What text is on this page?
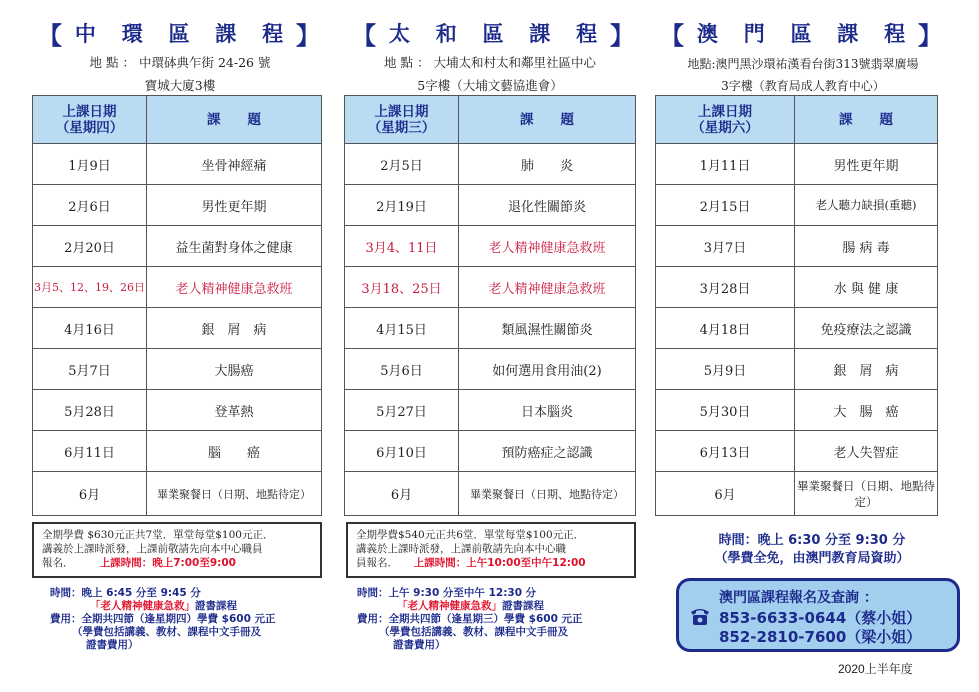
【 中 環 區 課 程 】
地 點 ： 中環砵典乍街 24-26 號
寶城大廈3樓
上課日期
（星期四）	課　　題
1月9日	坐骨神經痛
2月6日	男性更年期
2月20日	益生菌對身体之健康
3月5、12、19、26日	老人精神健康急救班
4月16日	銀　屑　病
5月7日	大腸癌
5月28日	登革熱
6月11日	腦　　癌
6月	畢業聚餐日（日期、地點待定）
全期學費 $630元正共7堂．單堂每堂$100元正．
講義於上課時派發，上課前敬請先向本中心職員
報名．　　　	上課時間：晚上7:00至9:00
時間：晚上 6:45 分至 9:45 分
「老人精神健康急救」證書課程
費用：全期共四節（逢星期四）學費 $600 元正
（學費包括講義、教材、課程中文手冊及
證書費用）
【 太 和 區 課 程 】
地 點 ： 大埔太和村太和鄰里社區中心
5字樓（大埔文藝協進會）
上課日期
（星期三）	課　　題
2月5日	肺　　炎
2月19日	退化性關節炎
3月4、11日	老人精神健康急救班
3月18、25日	老人精神健康急救班
4月15日	類風濕性關節炎
5月6日	如何選用食用油(2)
5月27日	日本腦炎
6月10日	預防癌症之認識
6月	畢業聚餐日（日期、地點待定）
全期學費$540元正共6堂．單堂每堂$100元正．
講義於上課時派發，上課前敬請先向本中心職
員報名．　　 上課時間：上午10:00至中午12:00
時間：上午 9:30 分至中午 12:30 分
「老人精神健康急救」證書課程
費用：全期共四節（逢星期三）學費 $600 元正
（學費包括講義、教材、課程中文手冊及
證書費用）
【 澳 門 區 課 程 】
地點:澳門黑沙環祐漢看台街313號翡翠廣場
3字樓（教育局成人教育中心）
上課日期
（星期六）	課　　題
1月11日	男性更年期
2月15日	老人聽力缺損(重聽)
3月7日	腸 病 毒
3月28日	水 與 健 康
4月18日	免疫療法之認識
5月9日	銀　屑　病
5月30日	大　腸　癌
6月13日	老人失智症
6月	畢業聚餐日（日期、地點待定）
時間：晚上 6:30 分至 9:30 分
（學費全免，由澳門教育局資助）
澳門區課程報名及查詢 ：
853-6633-0644（蔡小姐）
852-2810-7600（梁小姐）
2020上半年度
